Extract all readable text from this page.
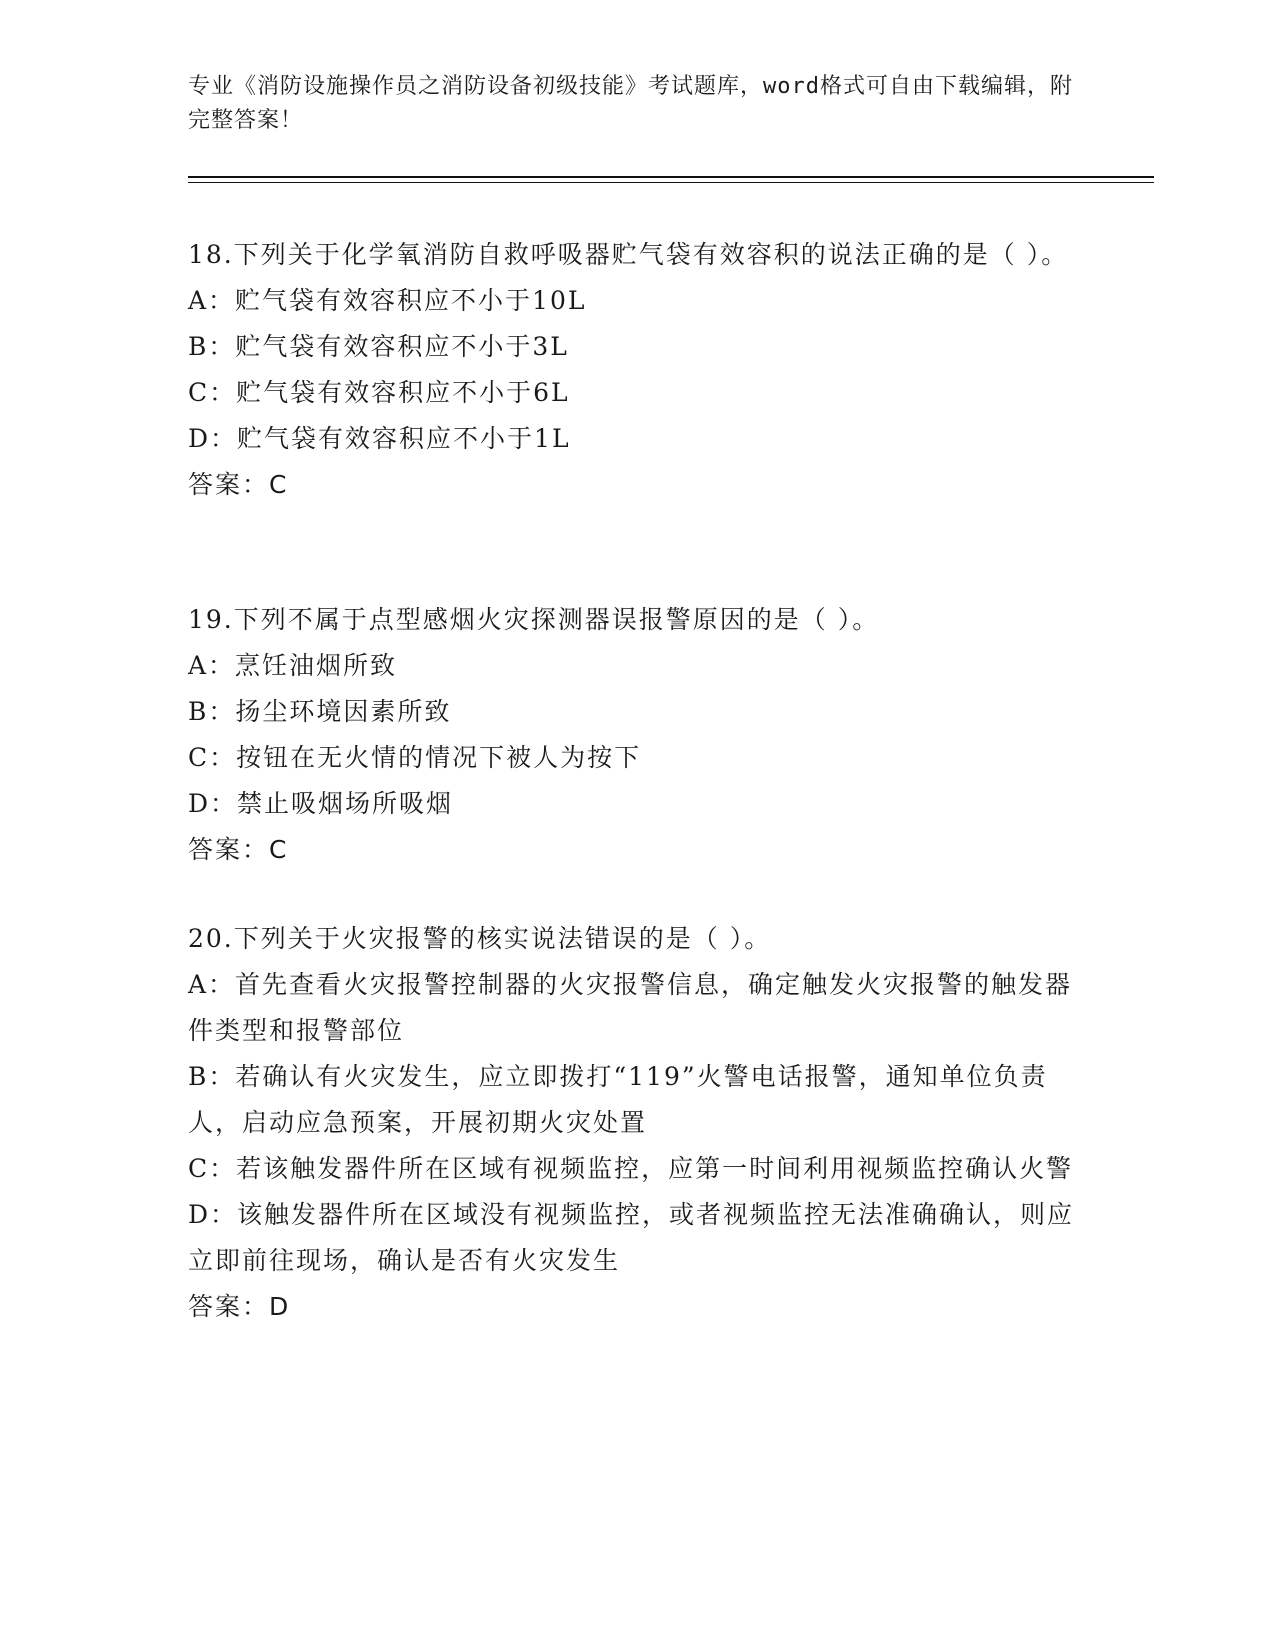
专业《消防设施操作员之消防设备初级技能》考试题库，word格式可自由下载编辑，附完整答案！

18.下列关于化学氧消防自救呼吸器贮气袋有效容积的说法正确的是（ ）。

A：贮气袋有效容积应不小于10L

B：贮气袋有效容积应不小于3L

C：贮气袋有效容积应不小于6L

D：贮气袋有效容积应不小于1L

答案：C

19.下列不属于点型感烟火灾探测器误报警原因的是（ ）。

A：烹饪油烟所致

B：扬尘环境因素所致

C：按钮在无火情的情况下被人为按下

D：禁止吸烟场所吸烟

答案：C

20.下列关于火灾报警的核实说法错误的是（ ）。

A：首先查看火灾报警控制器的火灾报警信息，确定触发火灾报警的触发器件类型和报警部位

B：若确认有火灾发生，应立即拨打“119”火警电话报警，通知单位负责人，启动应急预案，开展初期火灾处置

C：若该触发器件所在区域有视频监控，应第一时间利用视频监控确认火警

D：该触发器件所在区域没有视频监控，或者视频监控无法准确确认，则应立即前往现场，确认是否有火灾发生

答案：D
